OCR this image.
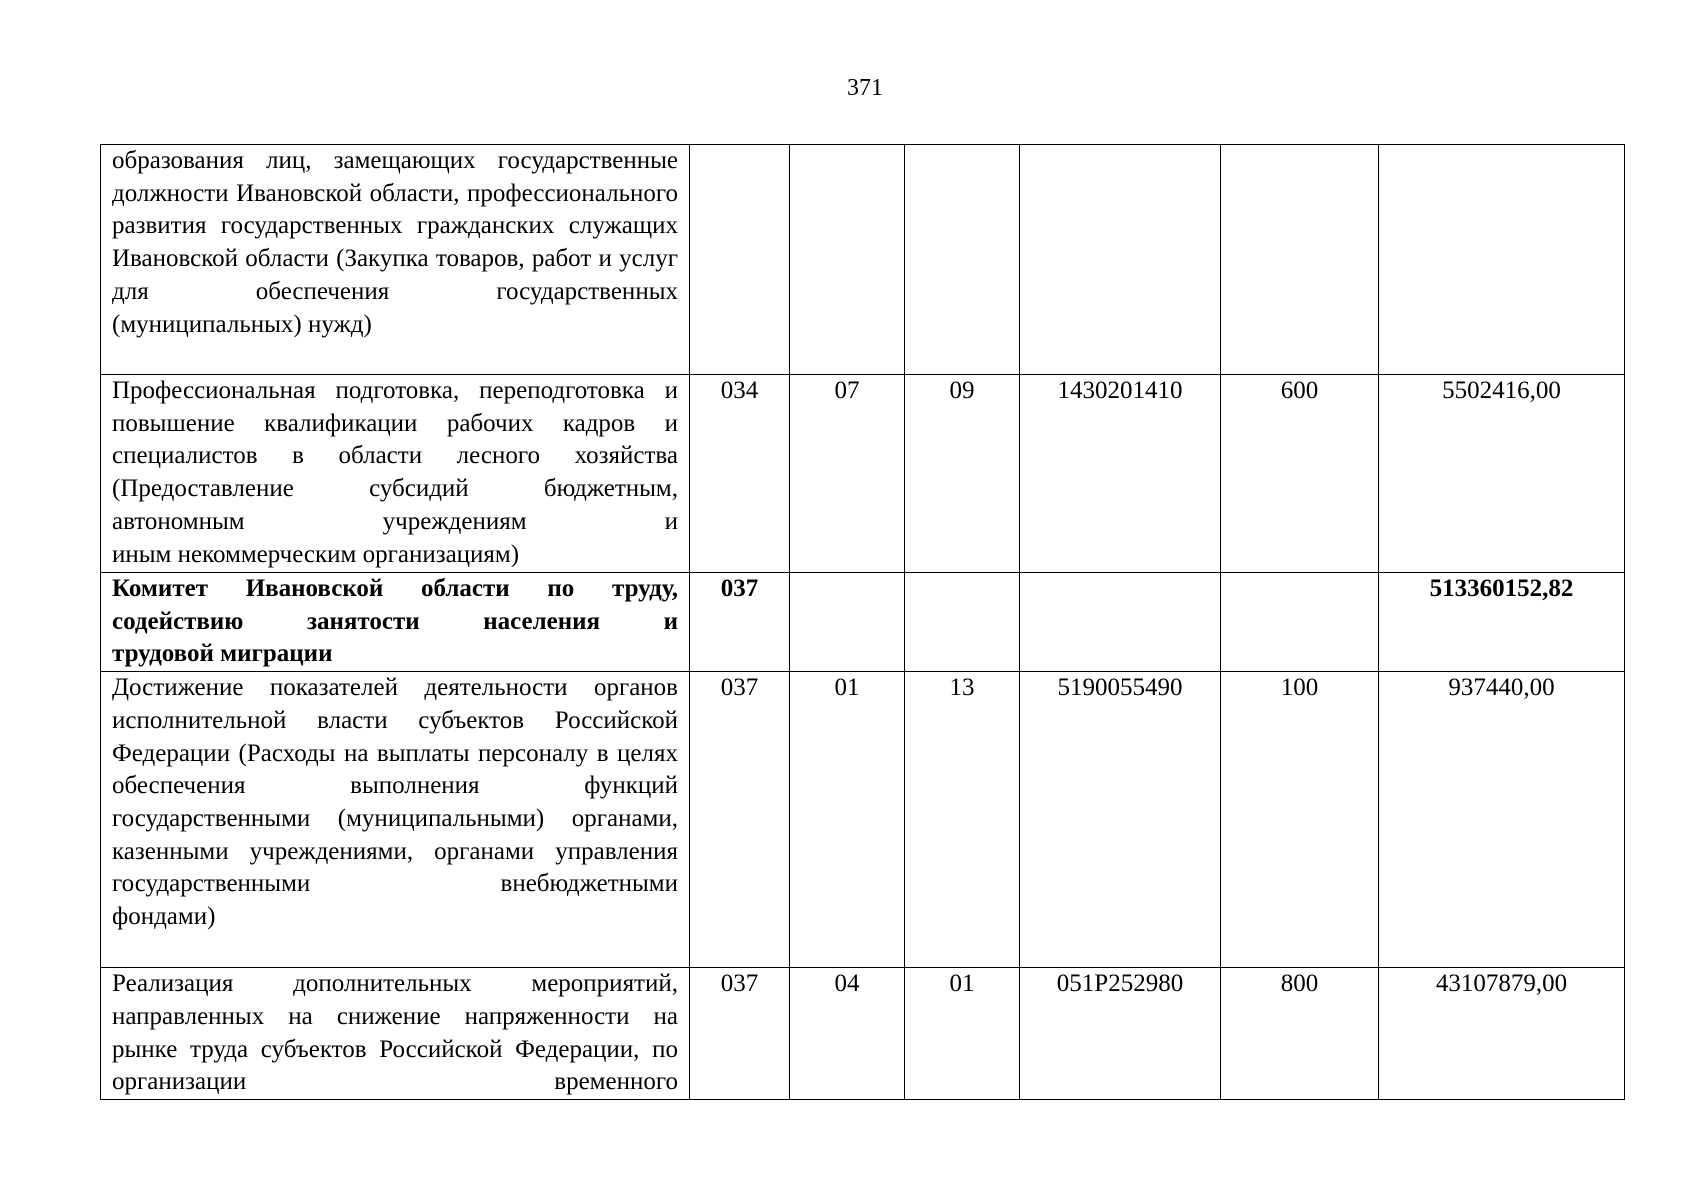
371
образования лиц, замещающих государственные должности Ивановской области, профессионального развития государственных гражданских служащих Ивановской области (Закупка товаров, работ и услуг для обеспечения государственных
(муниципальных) нужд)						

Профессиональная подготовка, переподготовка и повышение квалификации рабочих кадров и специалистов в области лесного хозяйства (Предоставление субсидий бюджетным, автономным учреждениям и
иным некоммерческим организациям)	034	07	09	1430201410	600	5502416,00
Комитет Ивановской области по труду, содействию занятости населения и
трудовой миграции	037					513360152,82
Достижение показателей деятельности органов исполнительной власти субъектов Российской Федерации (Расходы на выплаты персоналу в целях обеспечения выполнения функций государственными (муниципальными) органами, казенными учреждениями, органами управления государственными внебюджетными
фондами)	037	01	13	5190055490	100	937440,00
Реализация дополнительных мероприятий, направленных на снижение напряженности на рынке труда субъектов Российской Федерации, по организации временного	037	04	01	051P252980	800	43107879,00
